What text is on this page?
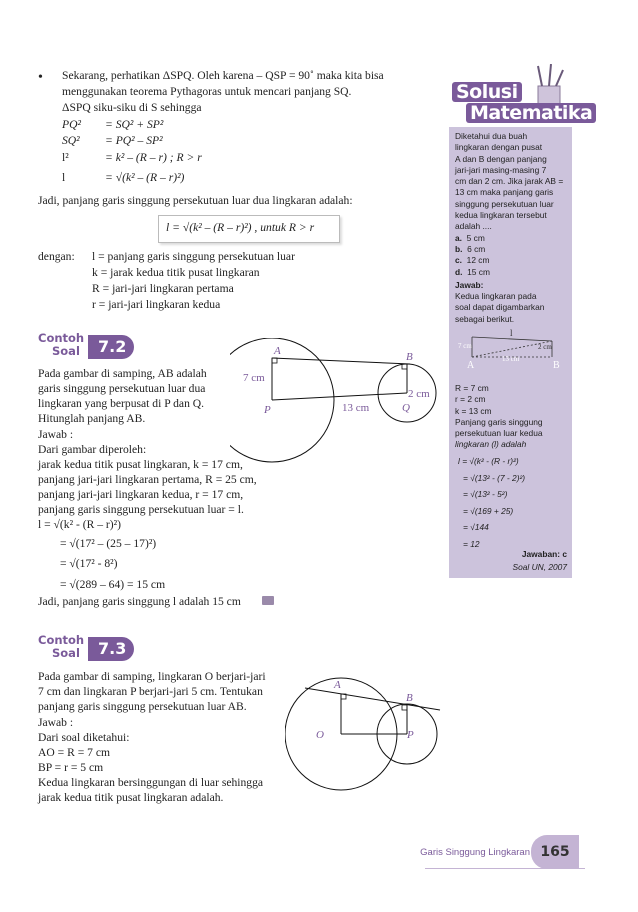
• Sekarang, perhatikan ΔSPQ. Oleh karena – QSP = 90˚ maka kita bisa
menggunakan teorema Pythagoras untuk mencari panjang SQ.
ΔSPQ siku-siku di S sehingga
PQ² = SQ² + SP²
SQ² = PQ² – SP²
l²	= k² – (R – r) ; R > r
l	= √(k² – (R – r)²)
Jadi, panjang garis singgung persekutuan luar dua lingkaran adalah:
l = √(k² – (R – r)²) , untuk R > r
dengan: l = panjang garis singgung persekutuan luar
k = jarak kedua titik pusat lingkaran
R = jari-jari lingkaran pertama
r = jari-jari lingkaran kedua
Contoh
Soal	7.2
Pada gambar di samping, AB adalah
garis singgung persekutuan luar dua
lingkaran yang berpusat di P dan Q.
Hitunglah panjang AB.
Jawab :
Dari gambar diperoleh:
jarak kedua titik pusat lingkaran, k = 17 cm,
panjang jari-jari lingkaran pertama, R = 25 cm,
panjang jari-jari lingkaran kedua, r = 17 cm,
panjang garis singgung persekutuan luar = l.
l = √(k² - (R – r)²)
= √(17² – (25 – 17)²)
= √(17² - 8²)
= √(289 – 64) = 15 cm
Jadi, panjang garis singgung l adalah 15 cm
A	B
P	Q
7 cm
2 cm
13 cm
Contoh
Soal	7.3
Pada gambar di samping, lingkaran O berjari-jari
7 cm dan lingkaran P berjari-jari 5 cm. Tentukan
panjang garis singgung persekutuan luar AB.
Jawab :
Dari soal diketahui:
AO = R = 7 cm
BP = r = 5 cm
Kedua lingkaran bersinggungan di luar sehingga
jarak kedua titik pusat lingkaran adalah.
A
B
O	P
Solusi
Matematika
Diketahui dua buah
lingkaran dengan pusat
A dan B dengan panjang
jari-jari masing-masing 7
cm dan 2 cm. Jika jarak AB =
13 cm maka panjang garis
singgung persekutuan luar
kedua lingkaran tersebut
adalah ....
a. 5 cm
b. 6 cm
c. 12 cm
d. 15 cm
Jawab:
Kedua lingkaran pada
soal dapat digambarkan
sebagai berikut.
l
7 cm	2 cm
13 cm
A	B
R = 7 cm
r = 2 cm
k = 13 cm
Panjang garis singgung
persekutuan luar kedua
lingkaran (l) adalah
l = √(k² - (R - r)²)
= √(13² - (7 - 2)²)
= √(13² - 5²)
= √(169 + 25)
= √144
= 12
Jawaban: c
Soal UN, 2007
Garis Singgung Lingkaran 165
